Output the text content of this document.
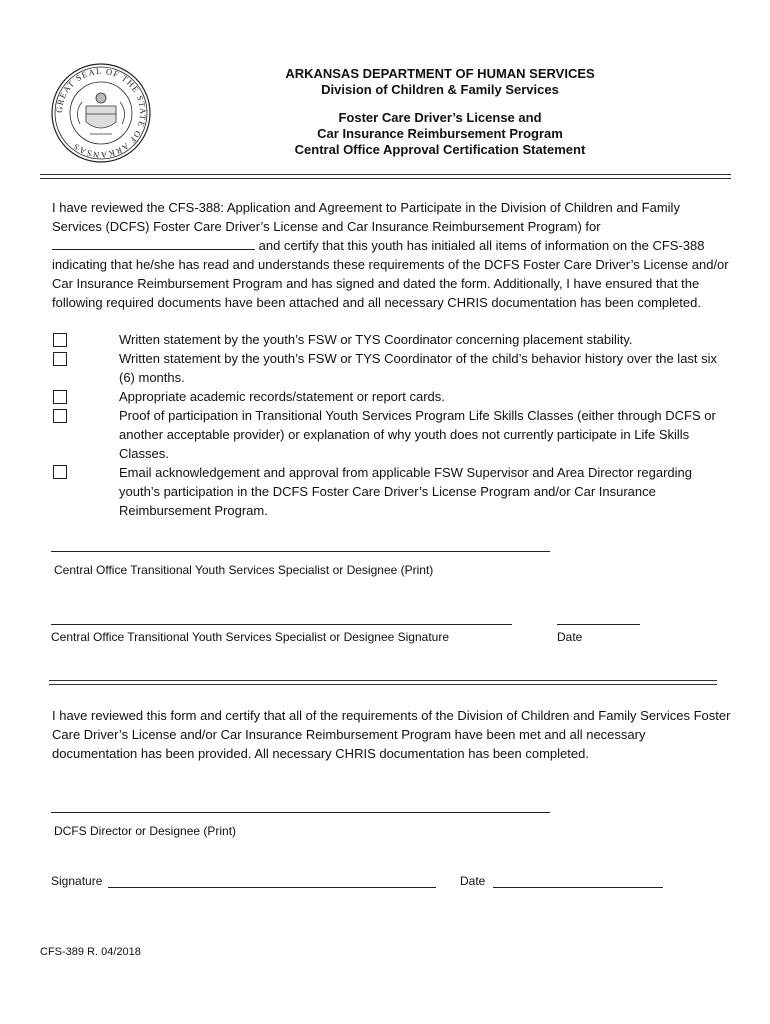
GREAT SEAL OF THE STATE OF ARKANSAS
ARKANSAS DEPARTMENT OF HUMAN SERVICES
Division of Children & Family Services
Foster Care Driver’s License and
Car Insurance Reimbursement Program
Central Office Approval Certification Statement
I have reviewed the CFS-388: Application and Agreement to Participate in the Division of Children and Family Services (DCFS) Foster Care Driver’s License and Car Insurance Reimbursement Program) for
and certify that this youth has initialed all items of information on the CFS-388 indicating that he/she has read and understands these requirements of the DCFS Foster Care Driver’s License and/or Car Insurance Reimbursement Program and has signed and dated the form. Additionally, I have ensured that the following required documents have been attached and all necessary CHRIS documentation has been completed.
Written statement by the youth’s FSW or TYS Coordinator concerning placement stability.
Written statement by the youth’s FSW or TYS Coordinator of the child’s behavior history over the last six (6) months.
Appropriate academic records/statement or report cards.
Proof of participation in Transitional Youth Services Program Life Skills Classes (either through DCFS or another acceptable provider) or explanation of why youth does not currently participate in Life Skills Classes.
Email acknowledgement and approval from applicable FSW Supervisor and Area Director regarding youth’s participation in the DCFS Foster Care Driver’s License Program and/or Car Insurance Reimbursement Program.
Central Office Transitional Youth Services Specialist or Designee (Print)
Central Office Transitional Youth Services Specialist or Designee Signature	Date
I have reviewed this form and certify that all of the requirements of the Division of Children and Family Services Foster Care Driver’s License and/or Car Insurance Reimbursement Program have been met and all necessary documentation has been provided. All necessary CHRIS documentation has been completed.
DCFS Director or Designee (Print)
Signature	Date
CFS-389 R. 04/2018
